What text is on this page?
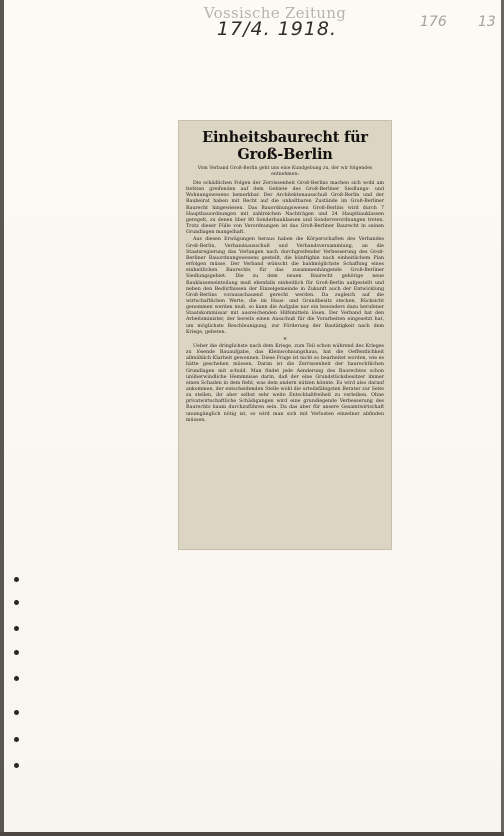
Vossische Zeitung
17/4. 1918.	176 13
Einheitsbaurecht für Groß-Berlin
Vom Verband Groß-Berlin geht uns eine Kundgebung zu, der wir folgendes entnehmen:

Die schädlichen Folgen der Zerrissenheit Groß-Berlins machen sich wohl am tiefsten greifenden auf dem Gebiete des Groß-Berliner Siedlungs- und Wohnungswesens bemerkbar. Der Architektenausschuß Groß-Berlin und der Baubeirat haben mit Recht auf die unhaltbaren Zustände im Groß-Berliner Baurecht hingewiesen. Das Bauordnungswesen Groß-Berlins wird durch 7 Hauptbauordnungen mit zahlreichen Nachträgen und 24 Hauptbauklassen geregelt, zu denen über 80 Sonderbauklassen und Sonderverordnungen treten. Trotz dieser Fülle von Verordnungen ist das Groß-Berliner Baurecht in seinen Grundlagen mangelhaft.

Aus diesen Erwägungen heraus haben die Körperschaften des Verbandes Groß-Berlin, Verbandsausschuß und Verbandsversammlung, an die Staatsregierung das Verlangen nach durchgreifender Verbesserung des Groß-Berliner Bauordnungswesens gestellt, die künftighin nach einheitlichem Plan erfolgen müsse. Der Verband wünscht die baldmöglichste Schaffung eines einheitlichen Baurechts für das zusammenhängende Groß-Berliner Siedlungsgebiet. Die zu dem neuen Baurecht gehörige neue Bauklasseneinteilung muß ebenfalls einheitlich für Groß-Berlin aufgestellt und neben den Bedürfnissen der Einzelgemeinde in Zukunft auch der Entwicklung Groß-Berlins vorausschauend gerecht werden. Da zugleich auf die wirtschaftlichen Werte, die im Haus- und Grundbesitz stecken, Rücksicht genommen werden muß, so kann die Aufgabe nur ein besonders dazu berufener Staatskommissar mit ausreichenden Hilfsmitteln lösen. Der Verband hat den Arbeitsminister, der bereits einen Ausschuß für die Vorarbeiten eingesetzt hat, um möglichste Beschleunigung, zur Förderung der Bautätigkeit nach dem Kriege, gebeten.

*

Ueber die dringlichste nach dem Kriege, zum Teil schon während des Krieges zu lösende Bauaufgabe, das Kleinwohnungshaus, hat die Oeffentlichkeit allmählich Klarheit gewonnen. Diese Frage ist nicht so bearbeitet worden, wie es hätte geschehen müssen. Daran ist die Zerrissenheit der baurechtlichen Grundlagen mit schuld. Man findet jede Aenderung des Baurechtes schon unüberwindliche Hemmnisse darin, daß der eine Grundstücksbesitzer immer einen Schaden in dem fieht, was dem andern nützen könnte. Es wird also darauf ankommen, der entscheidenden Stelle wohl die urteilsfähigsten Berater zur Seite zu stellen, ihr aber selbst sehr weite Entschlußfreiheit zu verleihen. Ohne privatwirtschaftliche Schädigungen wird eine grundlegende Verbesserung des Baurechts kaum durchzuführen sein. Da das aber für unsere Gesamtwirtschaft unumgänglich nötig ist, so wird man sich mit Verlusten einzelner abfinden müssen.
